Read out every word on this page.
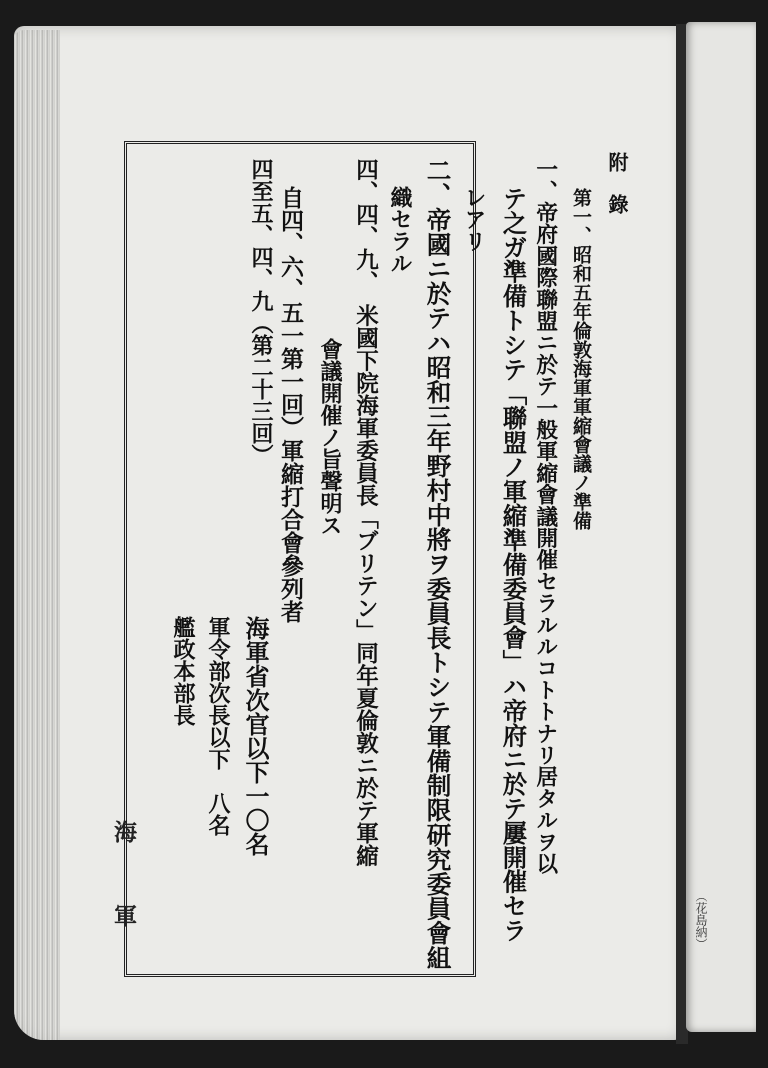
附錄
第一、昭和五年倫敦海軍軍縮會議ノ準備
一、帝府國際聯盟ニ於テ一般軍縮會議開催セラルルコトトナリ居タルヲ以
テ之ガ準備トシテ「聯盟ノ軍縮準備委員會」ハ帝府ニ於テ屢開催セラ
レアリ
二、帝國ニ於テハ昭和三年野村中將ヲ委員長トシテ軍備制限研究委員會組
織セラル
四、四、九、　米國下院海軍委員長「ブリテン」同年夏倫敦ニ於テ軍縮
會議開催ノ旨聲明ス
自四、六、五一第一回）軍縮打合會參列者
四至五、四、九（第二十三回）
海軍省次官以下一〇名
軍令部次長以下　八名
艦政本部長
海　　軍	（花島納）
